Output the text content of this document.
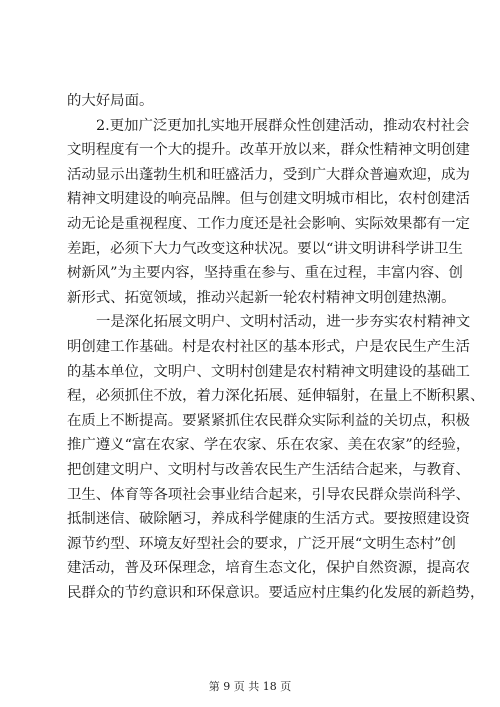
的大好局面。
2.更加广泛更加扎实地开展群众性创建活动，推动农村社会
文明程度有一个大的提升。改革开放以来，群众性精神文明创建
活动显示出蓬勃生机和旺盛活力，受到广大群众普遍欢迎，成为
精神文明建设的响亮品牌。但与创建文明城市相比，农村创建活
动无论是重视程度、工作力度还是社会影响、实际效果都有一定
差距，必须下大力气改变这种状况。要以“讲文明讲科学讲卫生
树新风”为主要内容，坚持重在参与、重在过程，丰富内容、创
新形式、拓宽领域，推动兴起新一轮农村精神文明创建热潮。
一是深化拓展文明户、文明村活动，进一步夯实农村精神文
明创建工作基础。村是农村社区的基本形式，户是农民生产生活
的基本单位，文明户、文明村创建是农村精神文明建设的基础工
程，必须抓住不放，着力深化拓展、延伸辐射，在量上不断积累、
在质上不断提高。要紧紧抓住农民群众实际利益的关切点，积极
推广遵义“富在农家、学在农家、乐在农家、美在农家”的经验，
把创建文明户、文明村与改善农民生产生活结合起来，与教育、
卫生、体育等各项社会事业结合起来，引导农民群众崇尚科学、
抵制迷信、破除陋习，养成科学健康的生活方式。要按照建设资
源节约型、环境友好型社会的要求，广泛开展“文明生态村”创
建活动，普及环保理念，培育生态文化，保护自然资源，提高农
民群众的节约意识和环保意识。要适应村庄集约化发展的新趋势，
第 9 页 共 18 页
